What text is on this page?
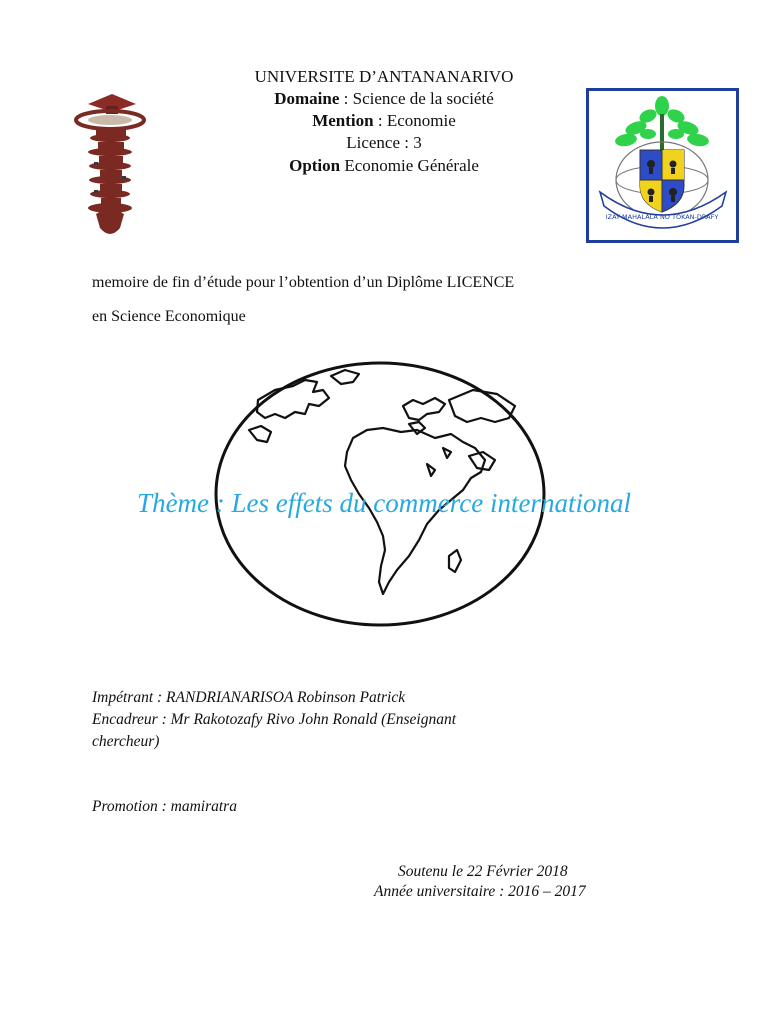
UNIVERSITE D’ANTANANARIVO
Domaine : Science de la société
Mention : Economie
Licence : 3
Option Economie Générale
IZAY MAHALALA NO TOKAN-DRAFY
memoire de fin d’étude pour l’obtention d’un Diplôme LICENCE
en Science Economique
Thème : Les effets du commerce international
Impétrant : RANDRIANARISOA Robinson Patrick
Encadreur : Mr Rakotozafy Rivo John Ronald (Enseignant
chercheur)
Promotion : mamiratra
Soutenu le 22 Février 2018
Année universitaire : 2016 – 2017
